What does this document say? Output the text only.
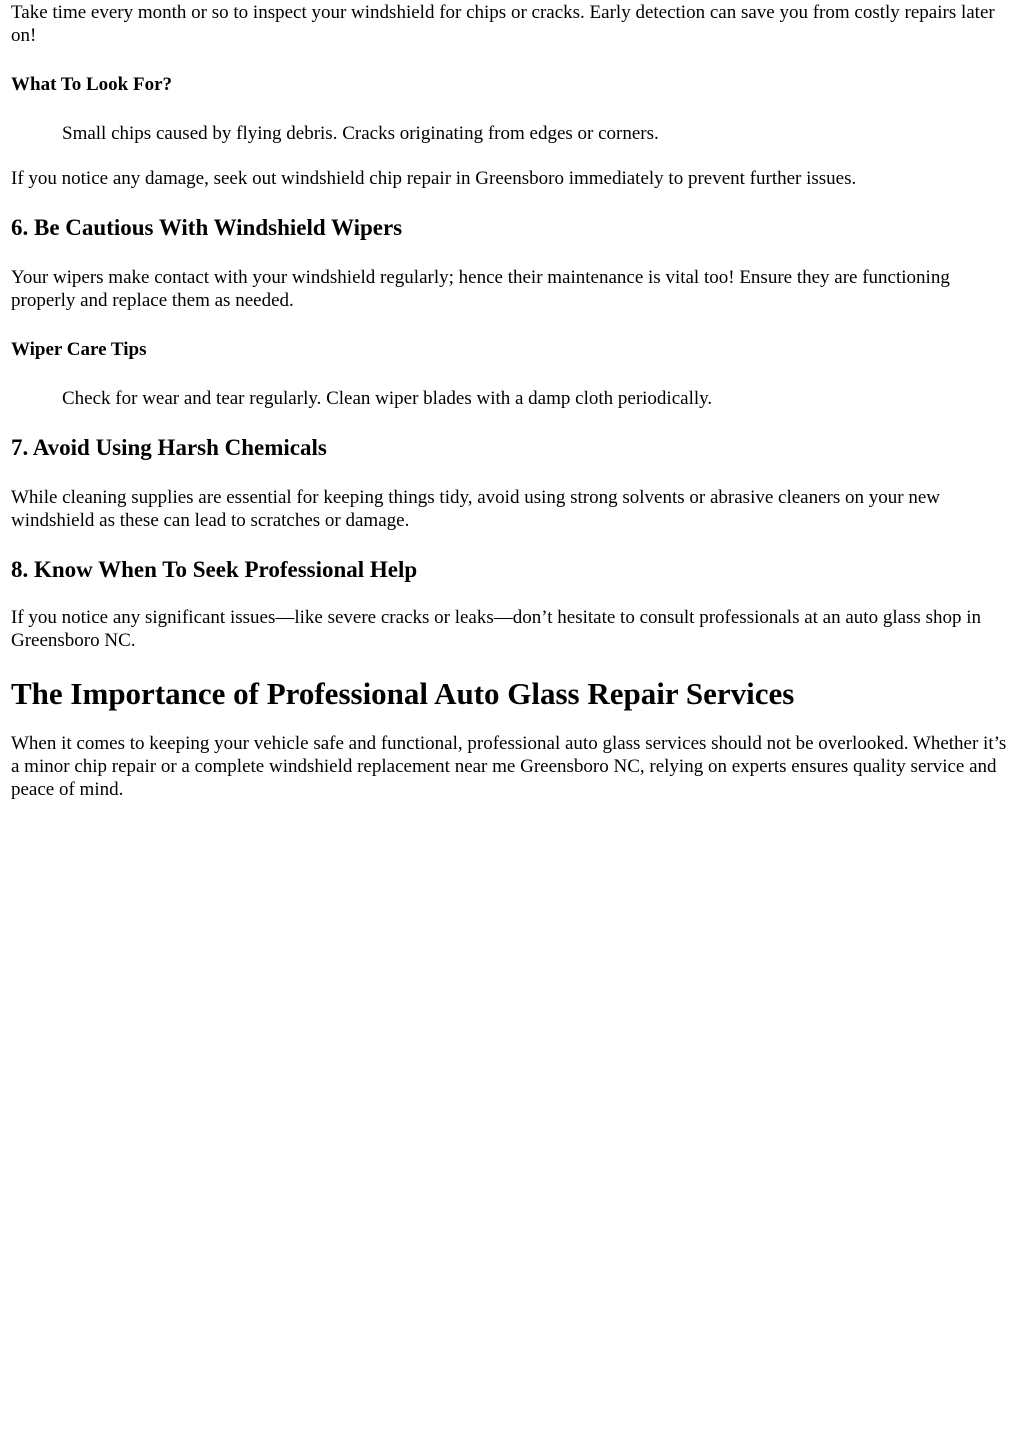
Take time every month or so to inspect your windshield for chips or cracks. Early detection can save you from costly repairs later on!

What To Look For?

Small chips caused by flying debris. Cracks originating from edges or corners.

If you notice any damage, seek out windshield chip repair in Greensboro immediately to prevent further issues.

6. Be Cautious With Windshield Wipers

Your wipers make contact with your windshield regularly; hence their maintenance is vital too! Ensure they are functioning properly and replace them as needed.

Wiper Care Tips

Check for wear and tear regularly. Clean wiper blades with a damp cloth periodically.

7. Avoid Using Harsh Chemicals

While cleaning supplies are essential for keeping things tidy, avoid using strong solvents or abrasive cleaners on your new windshield as these can lead to scratches or damage.

8. Know When To Seek Professional Help

If you notice any significant issues—like severe cracks or leaks—don’t hesitate to consult professionals at an auto glass shop in Greensboro NC.

The Importance of Professional Auto Glass Repair Services

When it comes to keeping your vehicle safe and functional, professional auto glass services should not be overlooked. Whether it’s a minor chip repair or a complete windshield replacement near me Greensboro NC, relying on experts ensures quality service and peace of mind.
